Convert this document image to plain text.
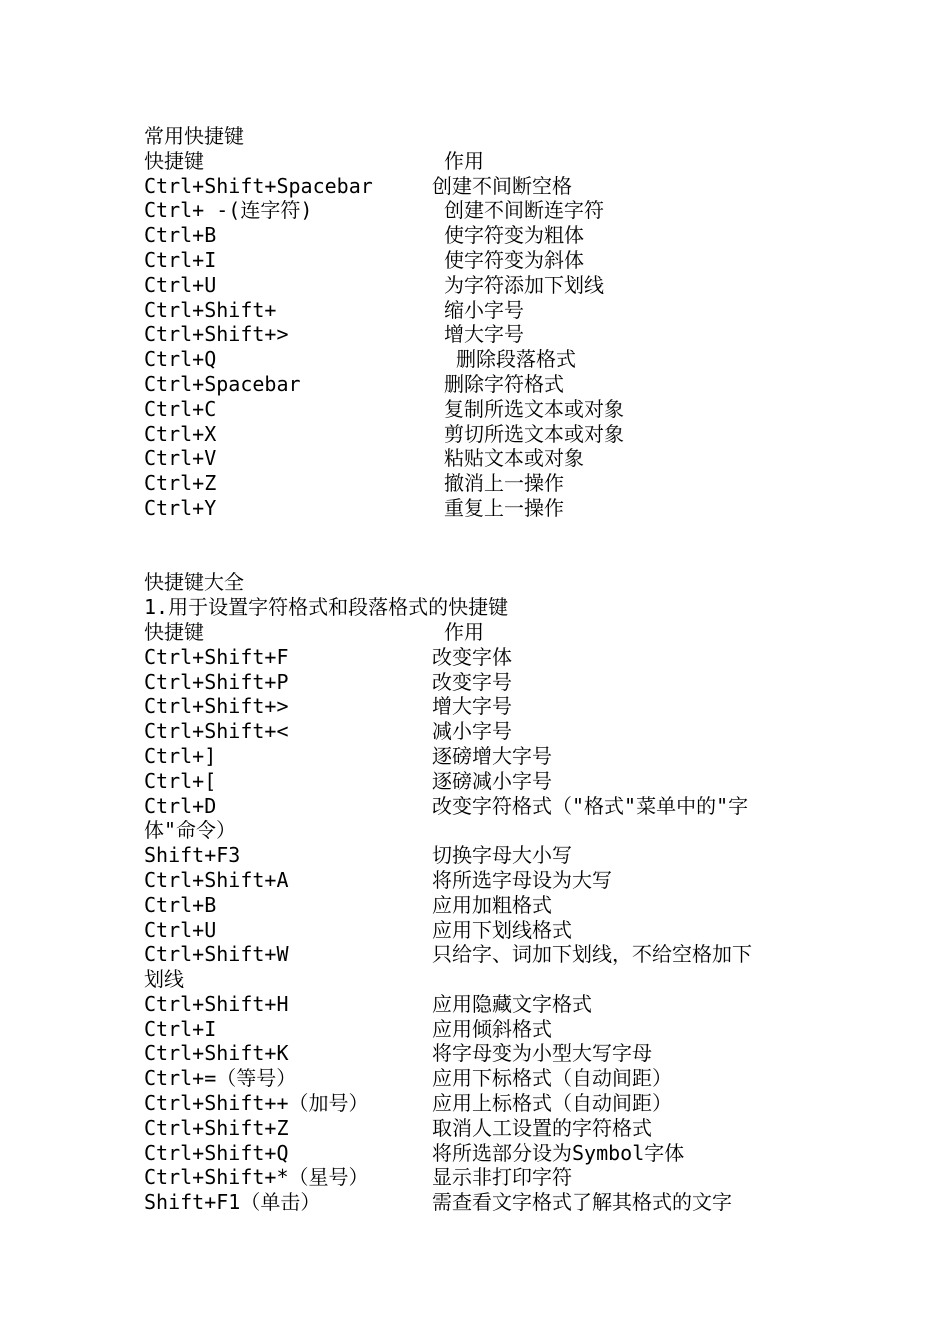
常用快捷键
快捷键	作用
Ctrl+Shift+Spacebar	创建不间断空格
Ctrl+ -(连字符)	创建不间断连字符
Ctrl+B	使字符变为粗体
Ctrl+I	使字符变为斜体
Ctrl+U	为字符添加下划线
Ctrl+Shift+	缩小字号
Ctrl+Shift+>	增大字号
Ctrl+Q	删除段落格式
Ctrl+Spacebar	删除字符格式
Ctrl+C	复制所选文本或对象
Ctrl+X	剪切所选文本或对象
Ctrl+V	粘贴文本或对象
Ctrl+Z	撤消上一操作
Ctrl+Y	重复上一操作
快捷键大全
1.用于设置字符格式和段落格式的快捷键
快捷键	作用
Ctrl+Shift+F	改变字体
Ctrl+Shift+P	改变字号
Ctrl+Shift+>	增大字号
Ctrl+Shift+<	减小字号
Ctrl+]	逐磅增大字号
Ctrl+[	逐磅减小字号
Ctrl+D	改变字符格式（"格式"菜单中的"字
体"命令）
Shift+F3	切换字母大小写
Ctrl+Shift+A	将所选字母设为大写
Ctrl+B	应用加粗格式
Ctrl+U	应用下划线格式
Ctrl+Shift+W	只给字、词加下划线，不给空格加下
划线
Ctrl+Shift+H	应用隐藏文字格式
Ctrl+I	应用倾斜格式
Ctrl+Shift+K	将字母变为小型大写字母
Ctrl+=（等号）	应用下标格式（自动间距）
Ctrl+Shift++（加号）	应用上标格式（自动间距）
Ctrl+Shift+Z	取消人工设置的字符格式
Ctrl+Shift+Q	将所选部分设为Symbol字体
Ctrl+Shift+*（星号）	显示非打印字符
Shift+F1（单击）	需查看文字格式了解其格式的文字
